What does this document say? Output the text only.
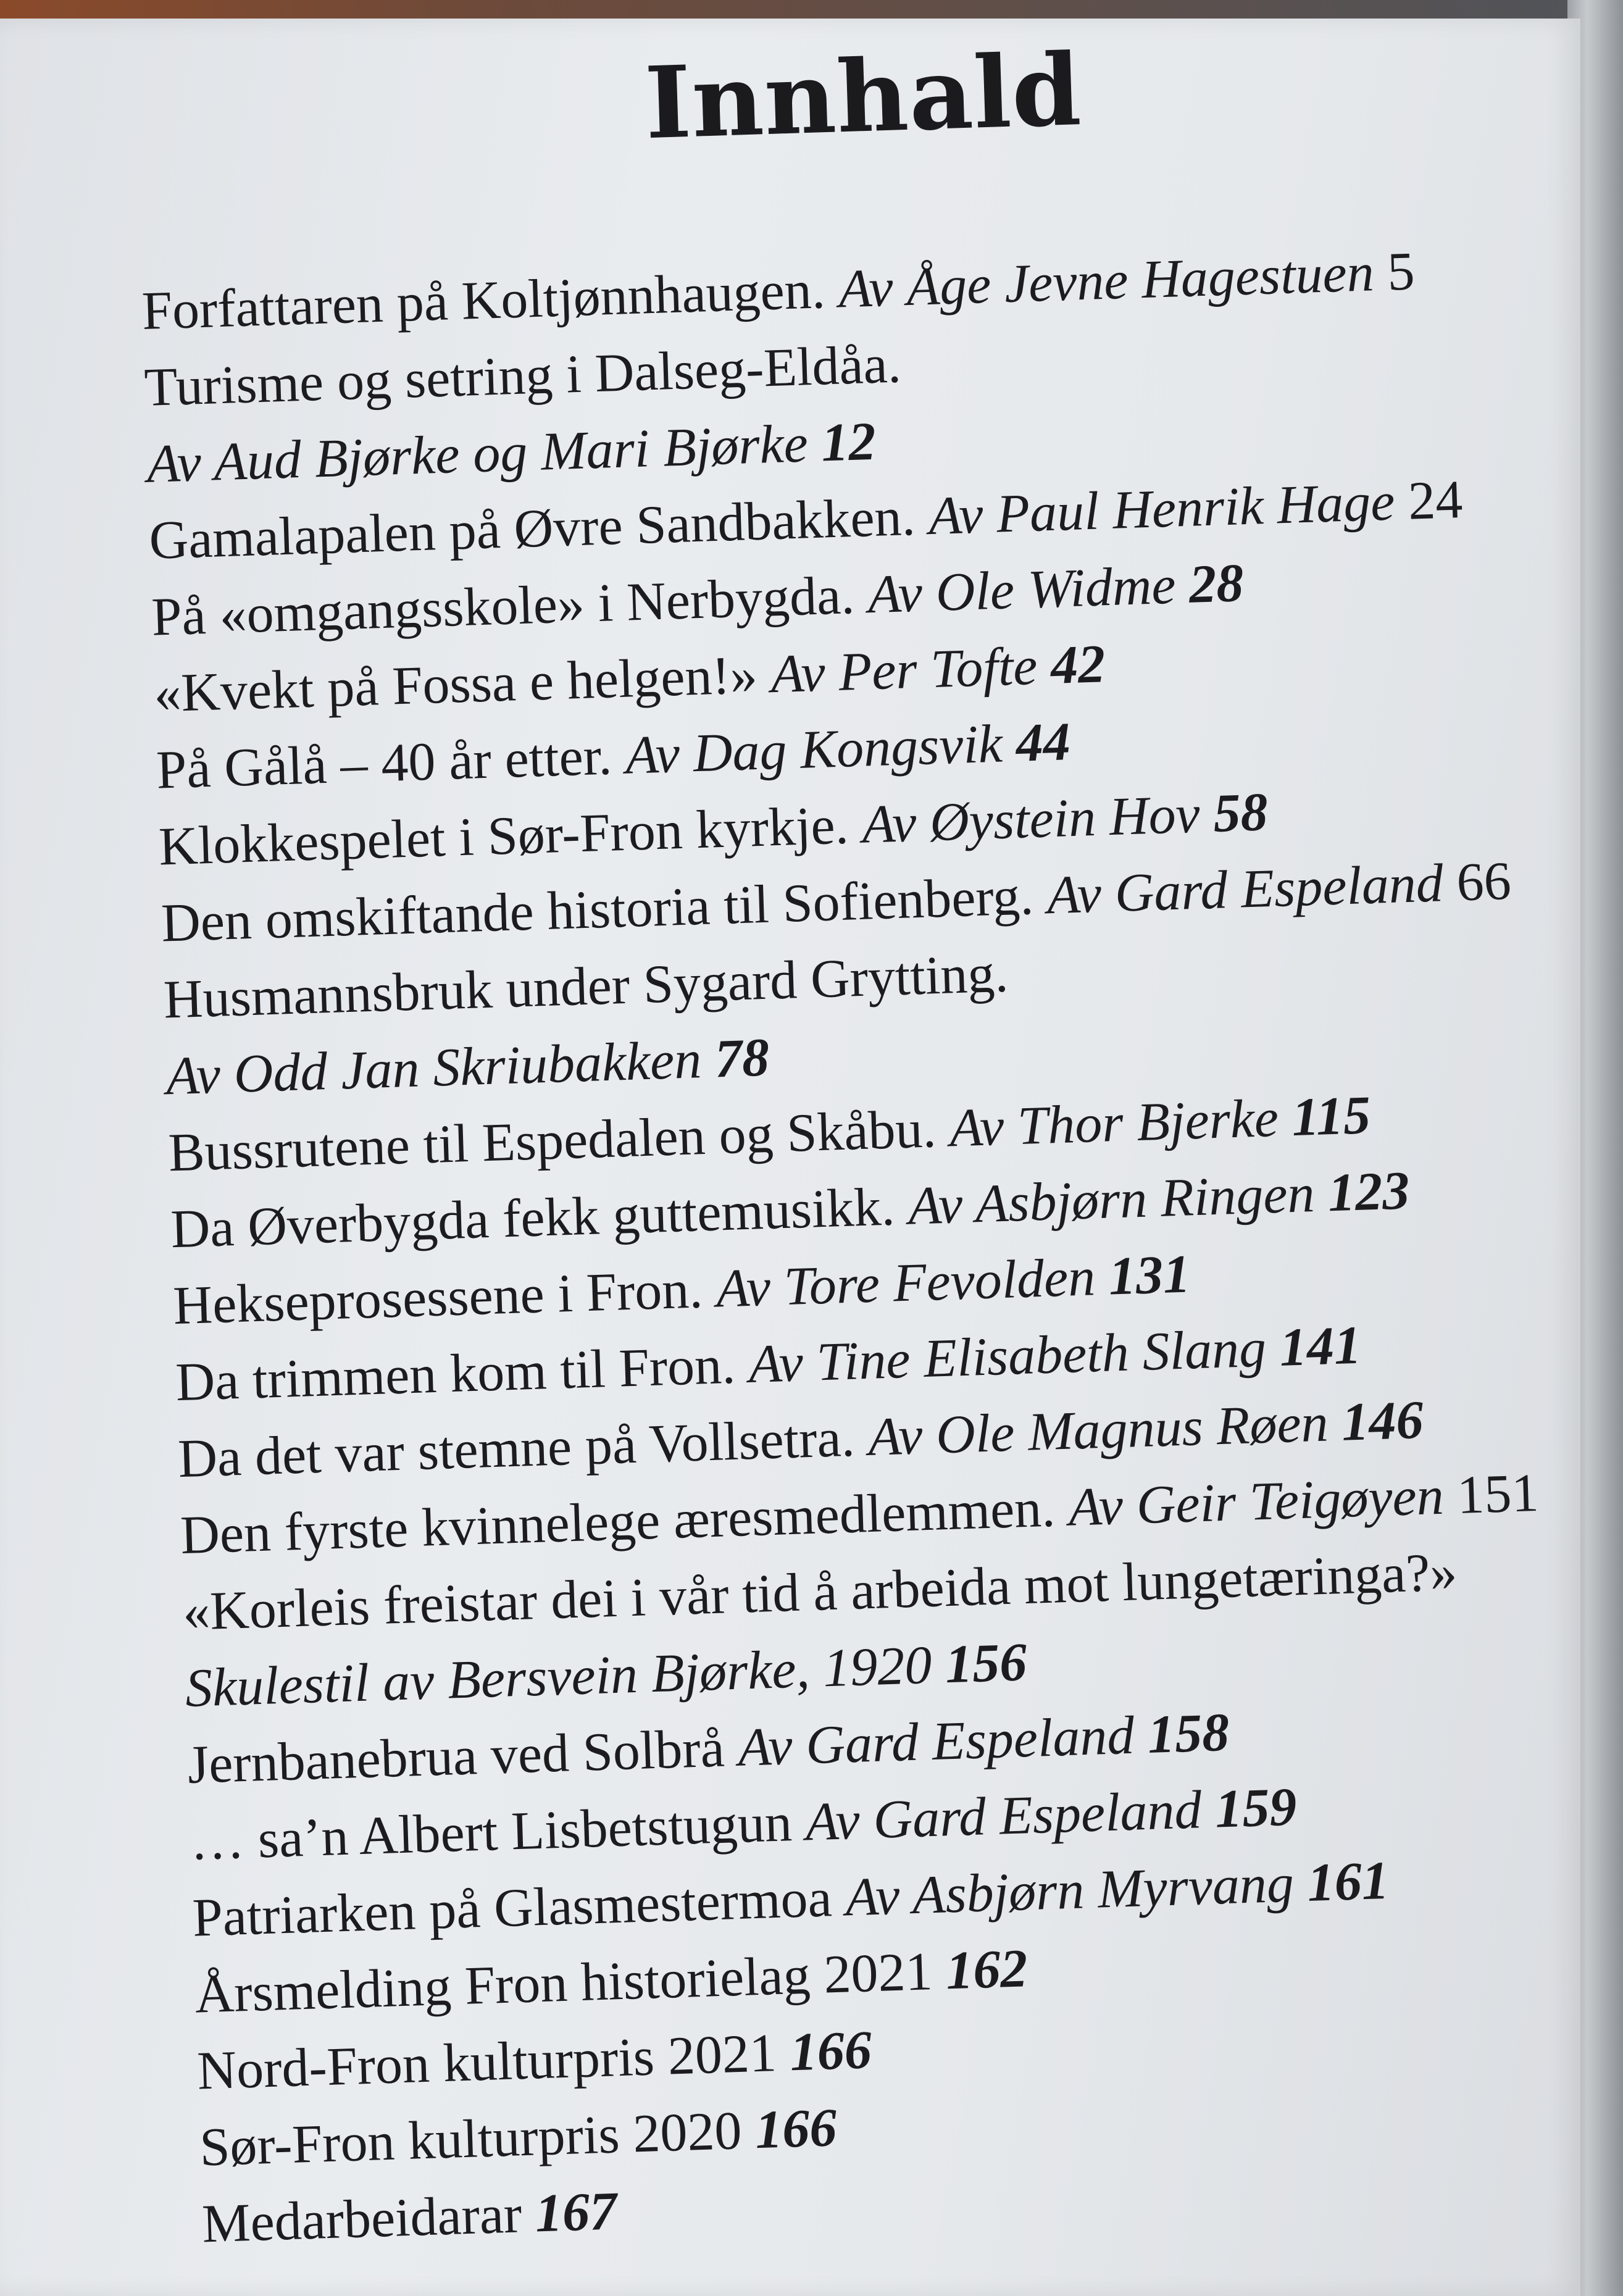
Innhald
Forfattaren på Koltjønnhaugen. Av Åge Jevne Hagestuen 5
Turisme og setring i Dalseg-Eldåa.
Av Aud Bjørke og Mari Bjørke 12
Gamalapalen på Øvre Sandbakken. Av Paul Henrik Hage 24
På «omgangsskole» i Nerbygda. Av Ole Widme 28
«Kvekt på Fossa e helgen!» Av Per Tofte 42
På Gålå – 40 år etter. Av Dag Kongsvik 44
Klokkespelet i Sør-Fron kyrkje. Av Øystein Hov 58
Den omskiftande historia til Sofienberg. Av Gard Espeland 66
Husmannsbruk under Sygard Grytting.
Av Odd Jan Skriubakken 78
Bussrutene til Espedalen og Skåbu. Av Thor Bjerke 115
Da Øverbygda fekk guttemusikk. Av Asbjørn Ringen 123
Hekseprosessene i Fron. Av Tore Fevolden 131
Da trimmen kom til Fron. Av Tine Elisabeth Slang 141
Da det var stemne på Vollsetra. Av Ole Magnus Røen 146
Den fyrste kvinnelege æresmedlemmen. Av Geir Teigøyen 151
«Korleis freistar dei i vår tid å arbeida mot lungetæringa?»
Skulestil av Bersvein Bjørke, 1920 156
Jernbanebrua ved Solbrå Av Gard Espeland 158
… sa’n Albert Lisbetstugun Av Gard Espeland 159
Patriarken på Glasmestermoa Av Asbjørn Myrvang 161
Årsmelding Fron historielag 2021 162
Nord-Fron kulturpris 2021 166
Sør-Fron kulturpris 2020 166
Medarbeidarar 167
